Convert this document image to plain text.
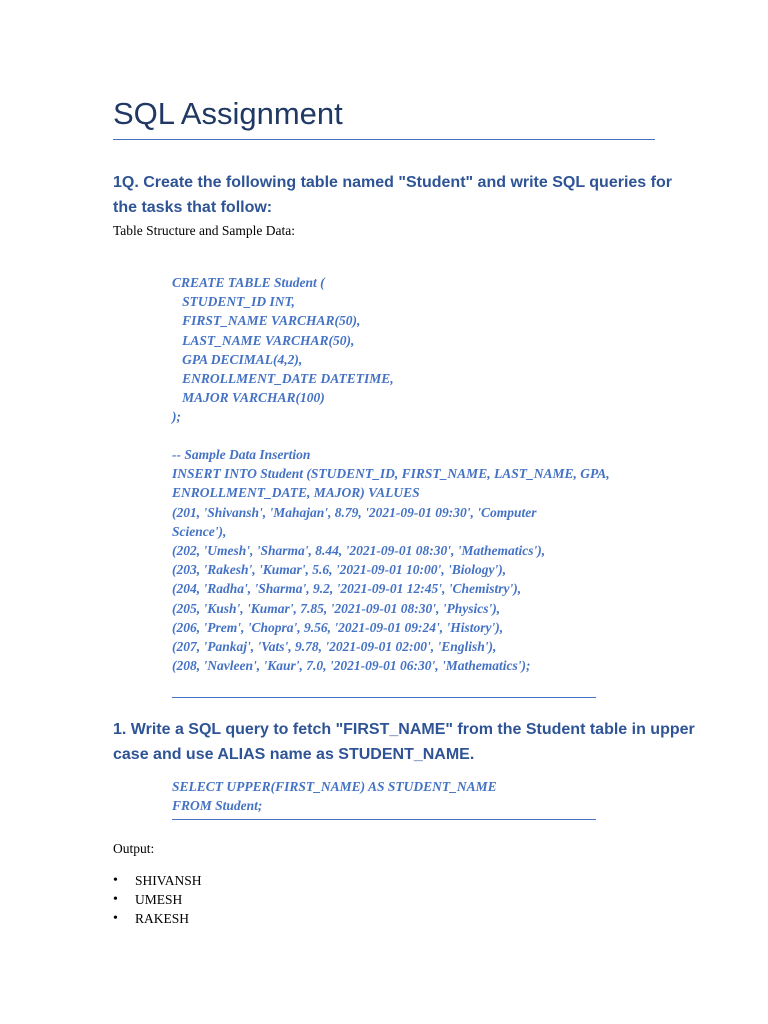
SQL Assignment
1Q. Create the following table named "Student" and write SQL queries for
the tasks that follow:

Table Structure and Sample Data:

CREATE TABLE Student (
STUDENT_ID INT,
FIRST_NAME VARCHAR(50),
LAST_NAME VARCHAR(50),
GPA DECIMAL(4,2),
ENROLLMENT_DATE DATETIME,
MAJOR VARCHAR(100)
);
-- Sample Data Insertion
INSERT INTO Student (STUDENT_ID, FIRST_NAME, LAST_NAME, GPA,
ENROLLMENT_DATE, MAJOR) VALUES
(201, 'Shivansh', 'Mahajan', 8.79, '2021-09-01 09:30', 'Computer
Science'),
(202, 'Umesh', 'Sharma', 8.44, '2021-09-01 08:30', 'Mathematics'),
(203, 'Rakesh', 'Kumar', 5.6, '2021-09-01 10:00', 'Biology'),
(204, 'Radha', 'Sharma', 9.2, '2021-09-01 12:45', 'Chemistry'),
(205, 'Kush', 'Kumar', 7.85, '2021-09-01 08:30', 'Physics'),
(206, 'Prem', 'Chopra', 9.56, '2021-09-01 09:24', 'History'),
(207, 'Pankaj', 'Vats', 9.78, '2021-09-01 02:00', 'English'),
(208, 'Navleen', 'Kaur', 7.0, '2021-09-01 06:30', 'Mathematics');
1. Write a SQL query to fetch "FIRST_NAME" from the Student table in upper
case and use ALIAS name as STUDENT_NAME.
SELECT UPPER(FIRST_NAME) AS STUDENT_NAME
FROM Student;

Output:

• SHIVANSH
• UMESH
• RAKESH
